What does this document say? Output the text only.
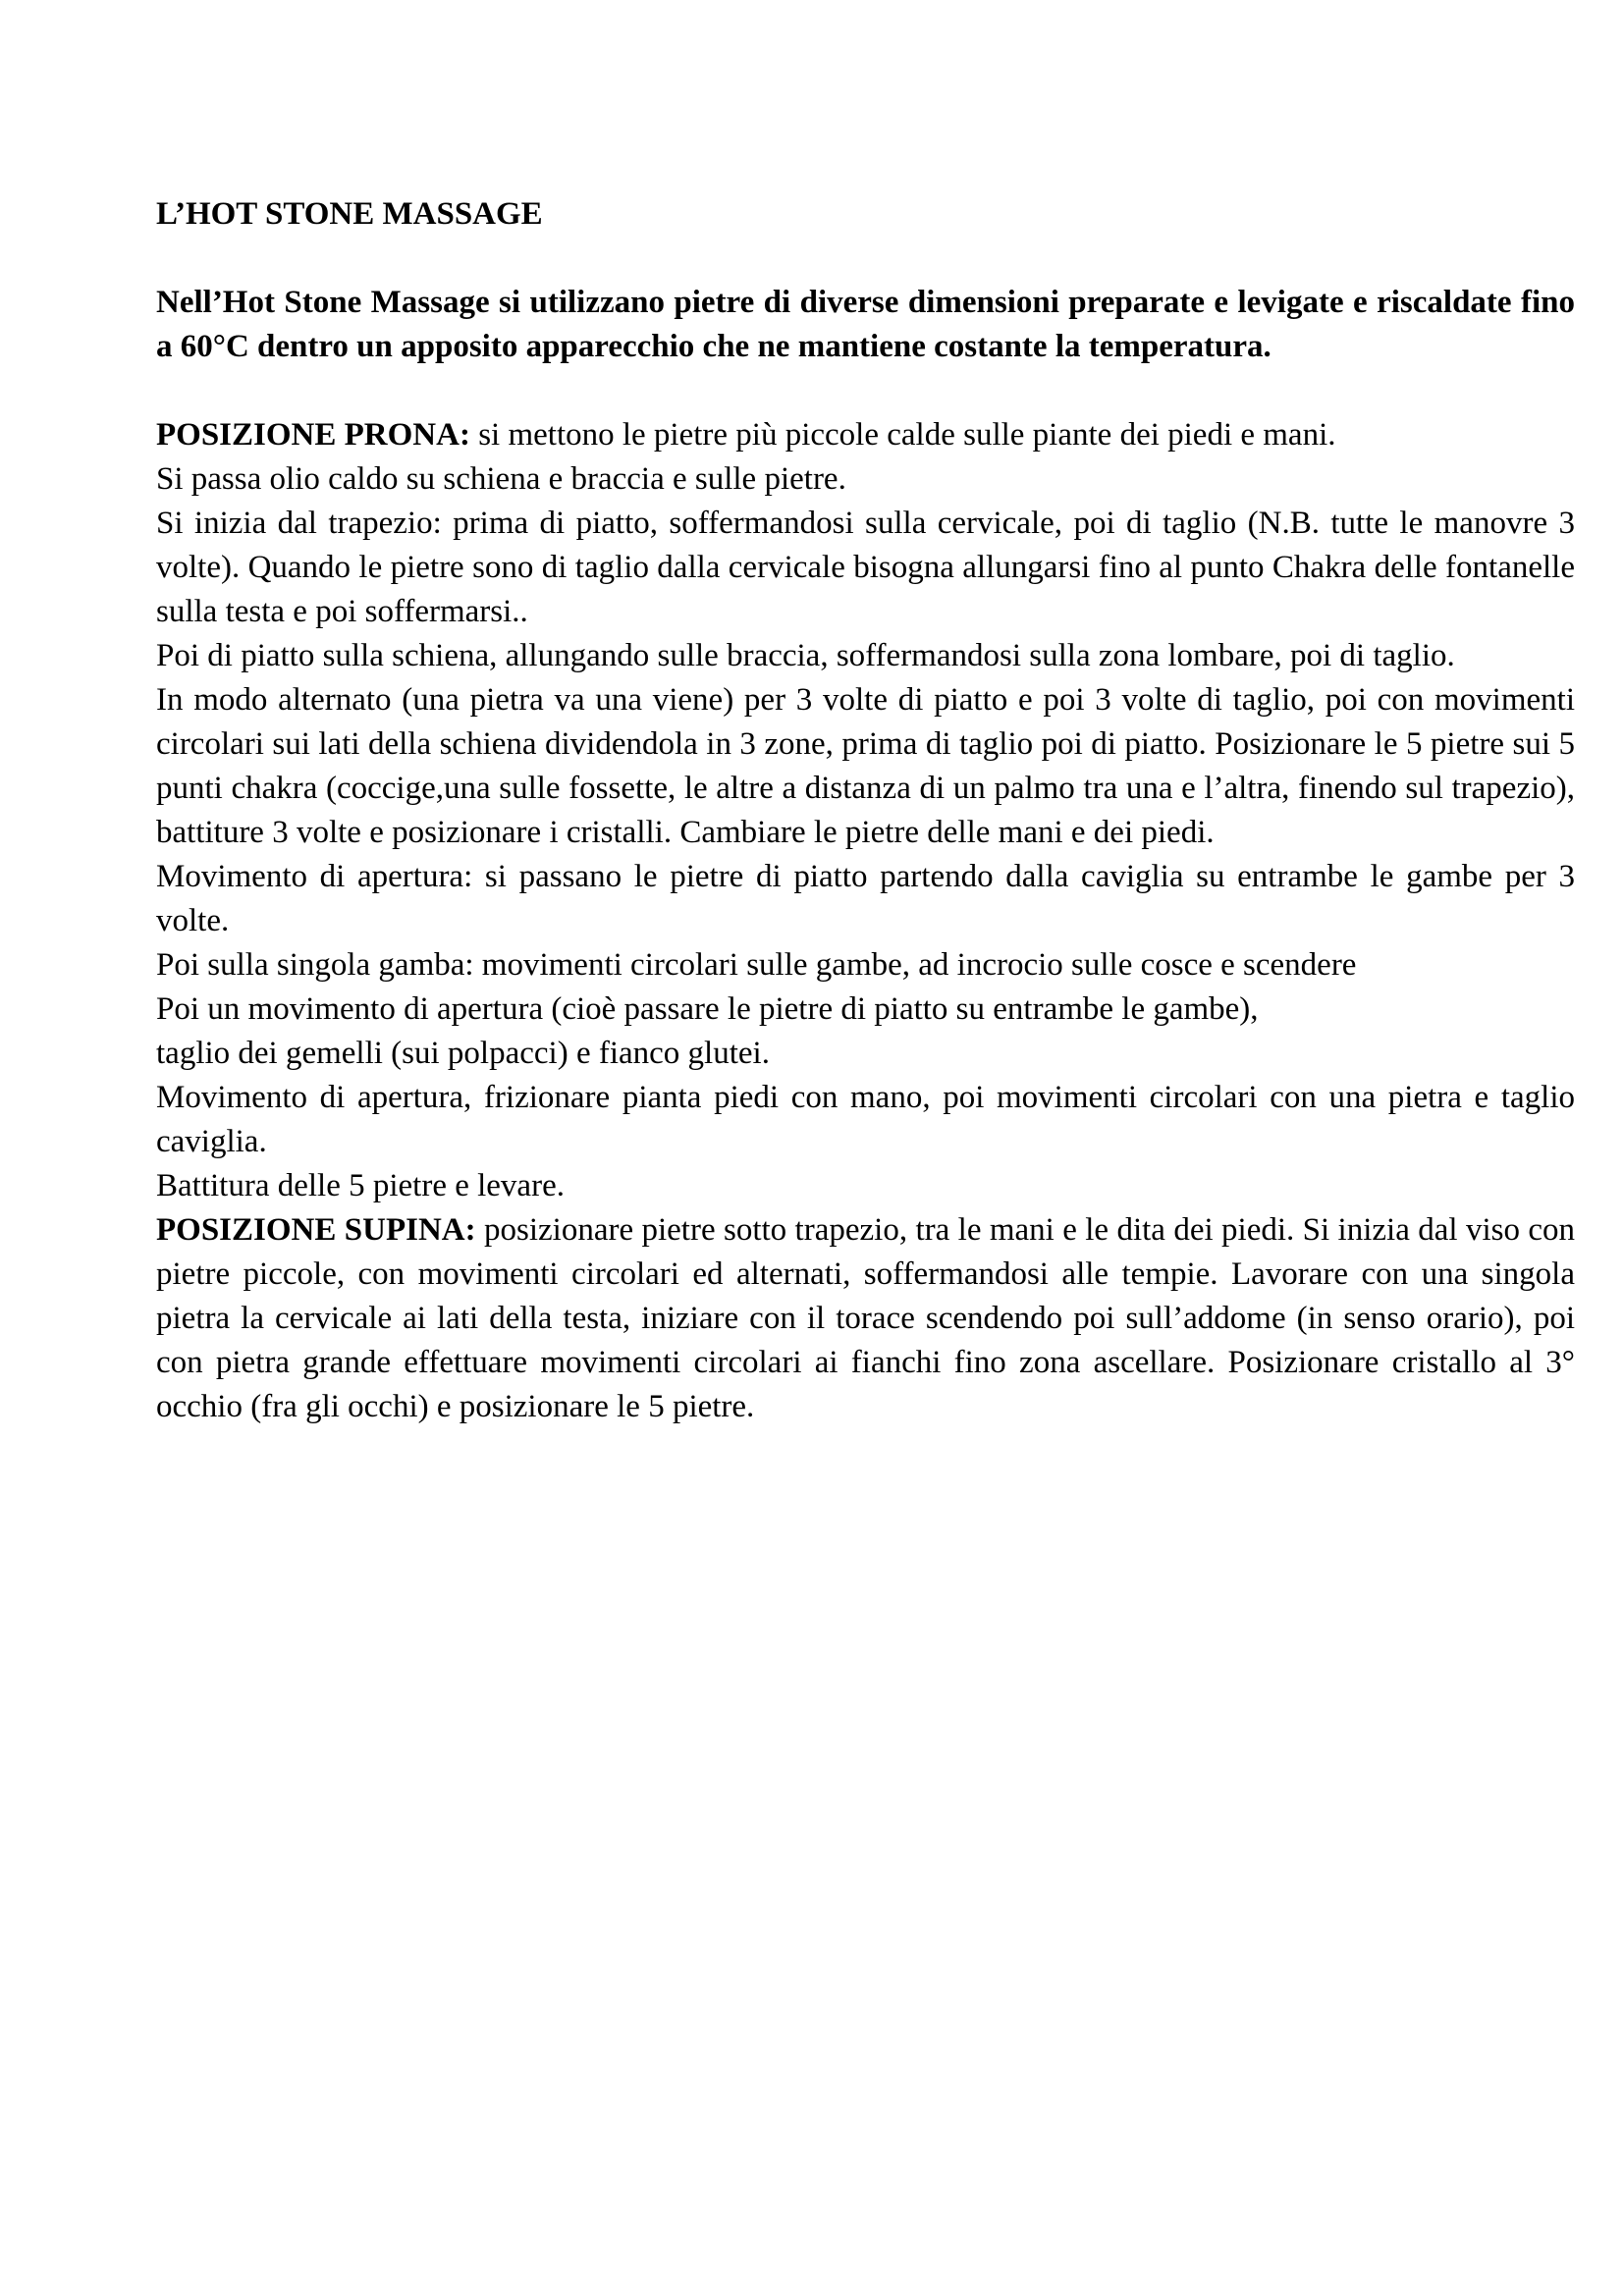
L’HOT STONE MASSAGE

Nell’Hot Stone Massage si utilizzano pietre di diverse dimensioni preparate e levigate e riscaldate fino a 60°C dentro un apposito apparecchio che ne mantiene costante la temperatura.

POSIZIONE PRONA: si mettono le pietre più piccole calde sulle piante dei piedi e mani.

Si passa olio caldo su schiena e braccia e sulle pietre.

Si inizia dal trapezio: prima di piatto, soffermandosi sulla cervicale, poi di taglio (N.B. tutte le manovre 3 volte). Quando le pietre sono di taglio dalla cervicale bisogna allungarsi fino al punto Chakra delle fontanelle sulla testa e poi soffermarsi..

Poi di piatto sulla schiena, allungando sulle braccia, soffermandosi sulla zona lombare, poi di taglio.

In modo alternato (una pietra va una viene) per 3 volte di piatto e poi 3 volte di taglio, poi con movimenti circolari sui lati della schiena dividendola in 3 zone, prima di taglio poi di piatto. Posizionare le 5 pietre sui 5 punti chakra (coccige,una sulle fossette, le altre a distanza di un palmo tra una e l’altra, finendo sul trapezio), battiture 3 volte e posizionare i cristalli. Cambiare le pietre delle mani e dei piedi.

Movimento di apertura: si passano le pietre di piatto partendo dalla caviglia su entrambe le gambe per 3 volte.

Poi sulla singola gamba: movimenti circolari sulle gambe, ad incrocio sulle cosce e scendere

Poi un movimento di apertura (cioè passare le pietre di piatto su entrambe le gambe),

taglio dei gemelli (sui polpacci) e fianco glutei.

Movimento di apertura, frizionare pianta piedi con mano, poi movimenti circolari con una pietra e taglio caviglia.

Battitura delle 5 pietre e levare.

POSIZIONE SUPINA: posizionare pietre sotto trapezio, tra le mani e le dita dei piedi. Si inizia dal viso con pietre piccole, con movimenti circolari ed alternati, soffermandosi alle tempie. Lavorare con una singola pietra la cervicale ai lati della testa, iniziare con il torace scendendo poi sull’addome (in senso orario), poi con pietra grande effettuare movimenti circolari ai fianchi fino zona ascellare. Posizionare cristallo al 3° occhio (fra gli occhi) e posizionare le 5 pietre.
